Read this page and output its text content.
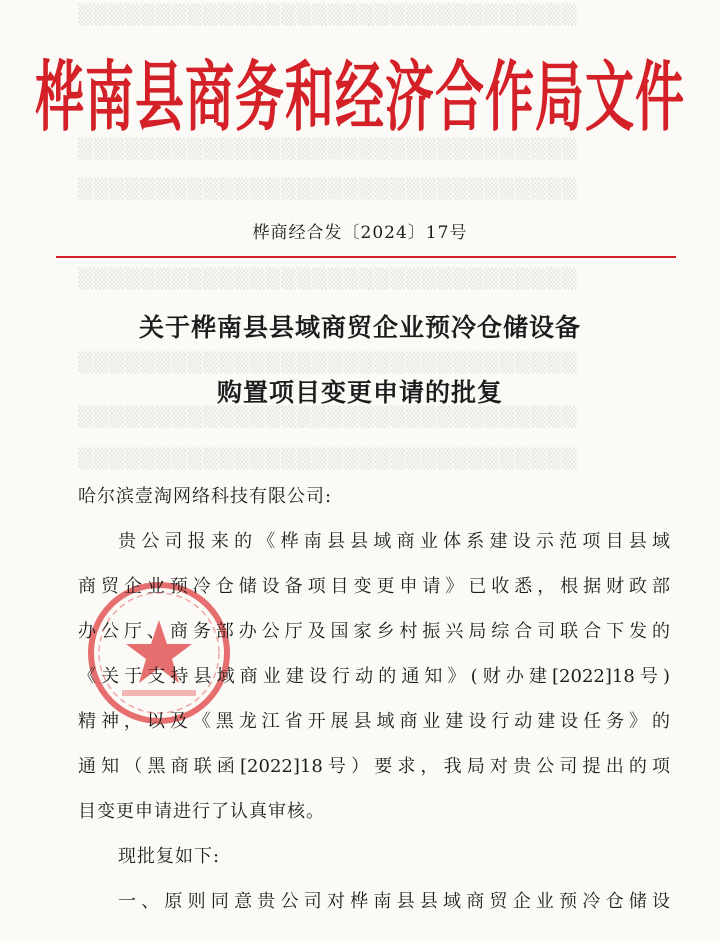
▒▒▒▒▒▒▒▒▒▒▒▒▒▒▒▒▒▒▒▒▒▒▒▒▒▒▒▒▒▒▒▒
▒▒▒▒▒▒▒▒▒▒▒▒▒▒▒▒▒▒▒▒▒▒▒▒▒▒▒▒▒▒▒▒
▒▒▒▒▒▒▒▒▒▒▒▒▒▒▒▒▒▒▒▒▒▒▒▒▒▒▒▒▒▒▒▒
▒▒▒▒▒▒▒▒▒▒▒▒▒▒▒▒▒▒▒▒▒▒▒▒▒▒▒▒▒▒▒▒
▒▒▒▒▒▒▒▒▒▒▒▒▒▒▒▒▒▒▒▒▒▒▒▒▒▒▒▒▒▒▒▒
▒▒▒▒▒▒▒▒▒▒▒▒▒▒▒▒▒▒▒▒▒▒▒▒▒▒▒▒▒▒▒▒
▒▒▒▒▒▒▒▒▒▒▒▒▒▒▒▒▒▒▒▒▒▒▒▒▒▒▒▒▒▒▒▒
桦南县商务和经济合作局文件
桦商经合发〔2024〕17号
关于桦南县县域商贸企业预冷仓储设备
购置项目变更申请的批复
哈尔滨壹淘网络科技有限公司:
贵公司报来的《桦南县县域商业体系建设示范项目县域
商贸企业预冷仓储设备项目变更申请》已收悉，根据财政部
办公厅、商务部办公厅及国家乡村振兴局综合司联合下发的
《关于支持县域商业建设行动的通知》(财办建[2022]18号)
精神，以及《黑龙江省开展县域商业建设行动建设任务》的
通知（黑商联函[2022]18号）要求，我局对贵公司提出的项
目变更申请进行了认真审核。
现批复如下:
一、原则同意贵公司对桦南县县域商贸企业预冷仓储设
